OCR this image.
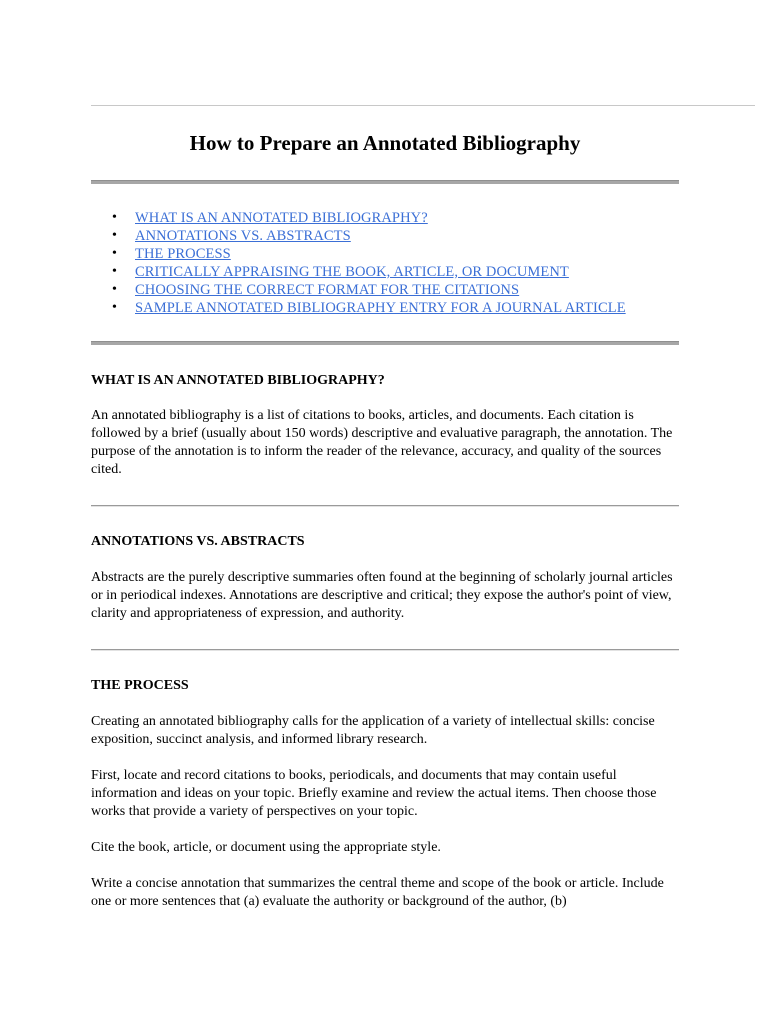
How to Prepare an Annotated Bibliography
• WHAT IS AN ANNOTATED BIBLIOGRAPHY?
• ANNOTATIONS VS. ABSTRACTS
• THE PROCESS
• CRITICALLY APPRAISING THE BOOK, ARTICLE, OR DOCUMENT
• CHOOSING THE CORRECT FORMAT FOR THE CITATIONS
• SAMPLE ANNOTATED BIBLIOGRAPHY ENTRY FOR A JOURNAL ARTICLE
WHAT IS AN ANNOTATED BIBLIOGRAPHY?

An annotated bibliography is a list of citations to books, articles, and documents. Each citation is followed by a brief (usually about 150 words) descriptive and evaluative paragraph, the annotation. The purpose of the annotation is to inform the reader of the relevance, accuracy, and quality of the sources cited.

ANNOTATIONS VS. ABSTRACTS

Abstracts are the purely descriptive summaries often found at the beginning of scholarly journal articles or in periodical indexes. Annotations are descriptive and critical; they expose the author's point of view, clarity and appropriateness of expression, and authority.

THE PROCESS

Creating an annotated bibliography calls for the application of a variety of intellectual skills: concise exposition, succinct analysis, and informed library research.

First, locate and record citations to books, periodicals, and documents that may contain useful information and ideas on your topic. Briefly examine and review the actual items. Then choose those works that provide a variety of perspectives on your topic.

Cite the book, article, or document using the appropriate style.

Write a concise annotation that summarizes the central theme and scope of the book or article. Include one or more sentences that (a) evaluate the authority or background of the author, (b)
